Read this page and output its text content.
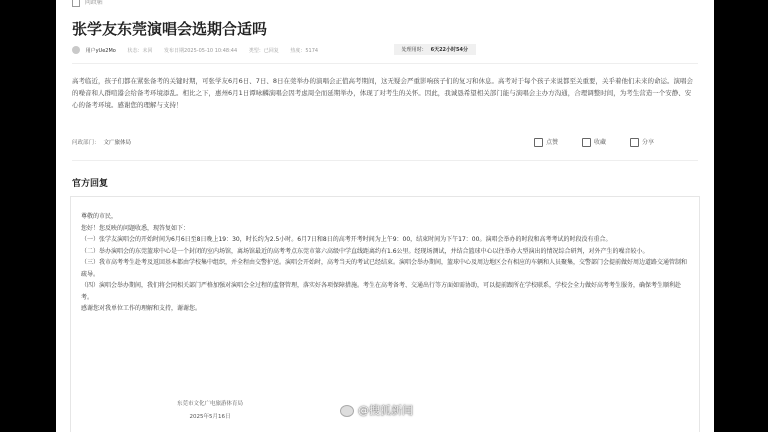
问政帖
张学友东莞演唱会选期合适吗
用户yUe2Mo 状态：未回 发布日期2025-05-10 10:48:44 类型：已回复 热度：5174	处理用时： 6天22小时54分

高考临近，孩子们都在紧张备考的关键时期，可张学友6月6日、7日、8日在莞举办的演唱会正值高考期间，这无疑会严重影响孩子们的复习和休息。高考对于每个孩子来说都至关重要，关乎着他们未来的命运。演唱会的噪音和人群喧嚣会给备考环境添乱。相比之下，惠州6月1日谭咏麟演唱会因考虑周全而延期举办，体现了对考生的关怀。因此，我诚恳希望相关部门能与演唱会主办方沟通，合理调整时间，为考生营造一个安静、安心的备考环境。感谢您的理解与支持！

问政部门： 文广旅体局	点赞	收藏	分享
官方回复

尊敬的市民，

您好！您反映的问题收悉，现答复如下：

（一）张学友演唱会的开始时间为6月6日至8日晚上19：30，时长约为2.5小时。6月7日和8日的高考开考时间为上午9：00，结束时间为下午17：00。演唱会举办的时段和高考考试的时段没有重合。

（二）举办演唱会的东莞篮球中心是一个封闭的室内场馆，离场馆最近的高考考点东莞市第六高级中学直线距离约有1.6公里。经现场测试，并结合篮球中心以往举办大型演出的情况综合研判，对外产生的噪音较小。

（三）我市高考考生赴考及返回基本都由学校集中组织，并全程由交警护送。演唱会开始时，高考当天的考试已经结束。演唱会举办期间，篮球中心及周边地区会有相应的车辆和人员聚集，交警部门会提前做好周边道路交通管制和疏导。

（四）演唱会举办期间，我们将会同相关部门严格加强对演唱会全过程的监督管理，落实好各项保障措施。考生在高考备考、交通出行等方面如需协助，可以提前跟所在学校联系，学校会全力做好高考考生服务，确保考生顺利赴考。

感谢您对我单位工作的理解和支持，谢谢您。

东莞市文化广电旅游体育局
2025年5月16日	@搜狐新闻
